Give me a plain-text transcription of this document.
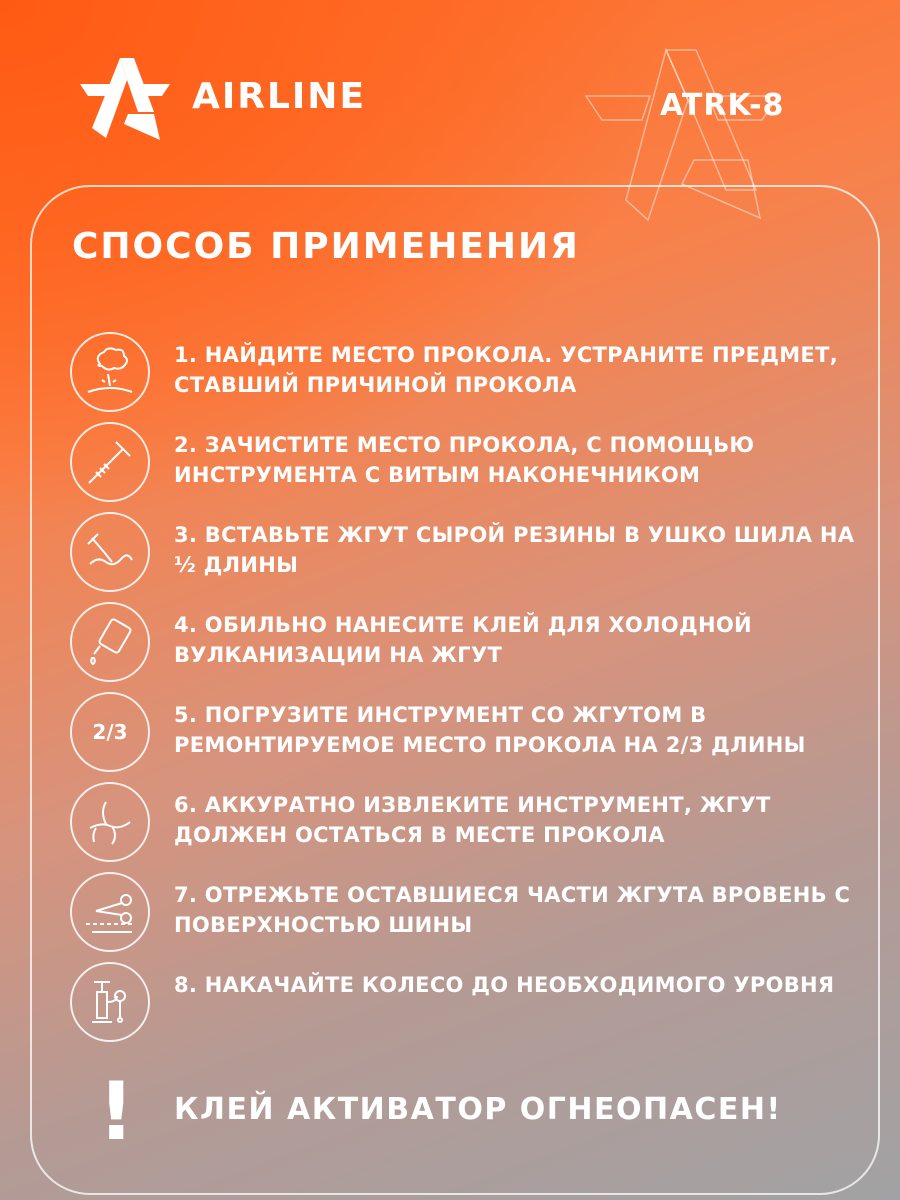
AIRLINE	ATRK-8
СПОСОБ ПРИМЕНЕНИЯ
1. НАЙДИТЕ МЕСТО ПРОКОЛА. УСТРАНИТЕ ПРЕДМЕТ, СТАВШИЙ ПРИЧИНОЙ ПРОКОЛА
2. ЗАЧИСТИТЕ МЕСТО ПРОКОЛА, С ПОМОЩЬЮ ИНСТРУМЕНТА С ВИТЫМ НАКОНЕЧНИКОМ
3. ВСТАВЬТЕ ЖГУТ СЫРОЙ РЕЗИНЫ В УШКО ШИЛА НА ½ ДЛИНЫ
4. ОБИЛЬНО НАНЕСИТЕ КЛЕЙ ДЛЯ ХОЛОДНОЙ ВУЛКАНИЗАЦИИ НА ЖГУТ
2/3
5. ПОГРУЗИТЕ ИНСТРУМЕНТ СО ЖГУТОМ В РЕМОНТИРУЕМОЕ МЕСТО ПРОКОЛА НА 2/3 ДЛИНЫ
6. АККУРАТНО ИЗВЛЕКИТЕ ИНСТРУМЕНТ, ЖГУТ ДОЛЖЕН ОСТАТЬСЯ В МЕСТЕ ПРОКОЛА
7. ОТРЕЖЬТЕ ОСТАВШИЕСЯ ЧАСТИ ЖГУТА ВРОВЕНЬ С ПОВЕРХНОСТЬЮ ШИНЫ
8. НАКАЧАЙТЕ КОЛЕСО ДО НЕОБХОДИМОГО УРОВНЯ
! КЛЕЙ АКТИВАТОР ОГНЕОПАСЕН!
